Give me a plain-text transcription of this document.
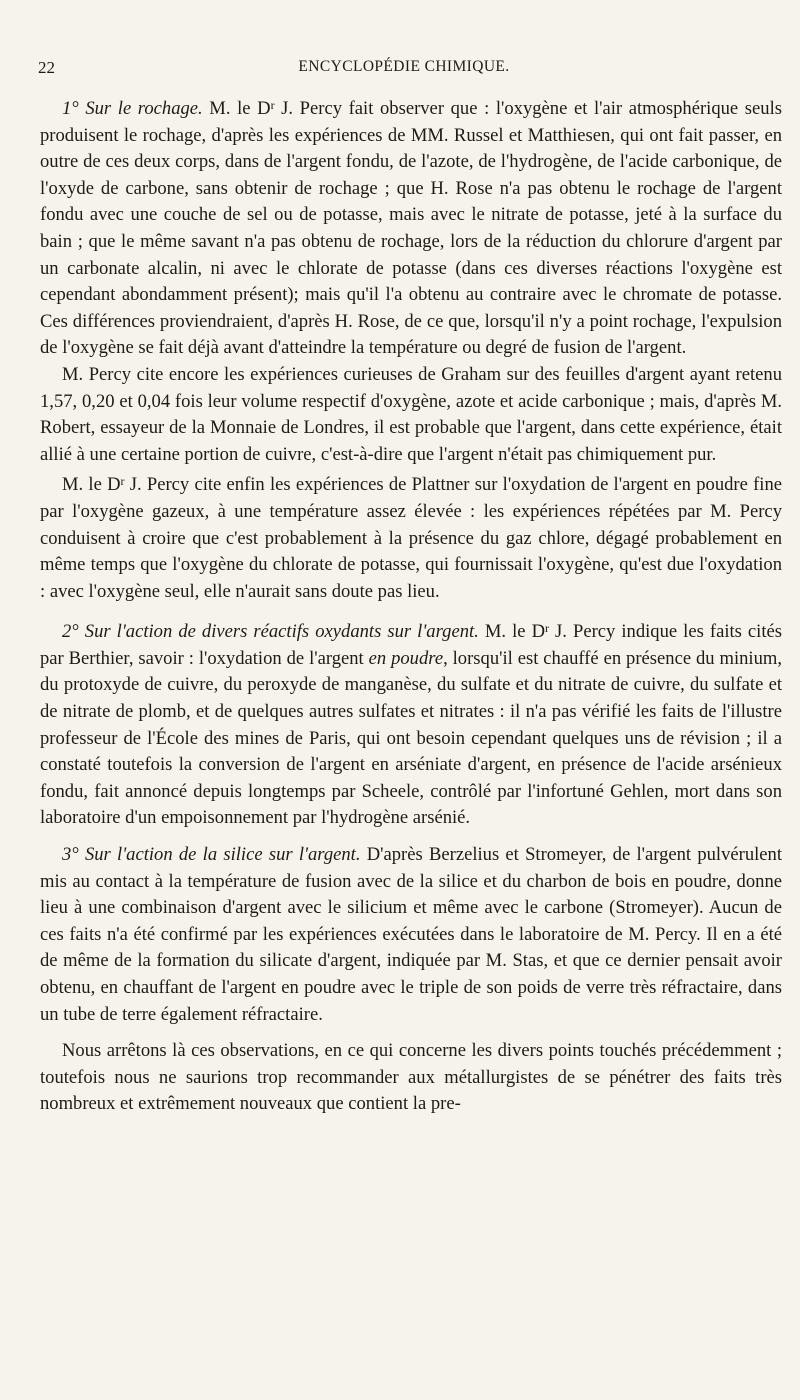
22	ENCYCLOPÉDIE CHIMIQUE.

1° Sur le rochage. M. le $D^r$ J. Percy fait observer que : l'oxygène et l'air atmosphérique seuls produisent le rochage, d'après les expériences de MM. Russel et Matthiesen, qui ont fait passer, en outre de ces deux corps, dans de l'argent fondu, de l'azote, de l'hydrogène, de l'acide carbonique, de l'oxyde de carbone, sans obtenir de rochage ; que H. Rose n'a pas obtenu le rochage de l'argent fondu avec une couche de sel ou de potasse, mais avec le nitrate de potasse, jeté à la surface du bain ; que le même savant n'a pas obtenu de rochage, lors de la réduction du chlorure d'argent par un carbonate alcalin, ni avec le chlorate de potasse (dans ces diverses réactions l'oxygène est cependant abondamment présent); mais qu'il l'a obtenu au contraire avec le chromate de potasse. Ces différences proviendraient, d'après H. Rose, de ce que, lorsqu'il n'y a point rochage, l'expulsion de l'oxygène se fait déjà avant d'atteindre la température ou degré de fusion de l'argent.

M. Percy cite encore les expériences curieuses de Graham sur des feuilles d'argent ayant retenu 1,57, 0,20 et 0,04 fois leur volume respectif d'oxygène, azote et acide carbonique ; mais, d'après M. Robert, essayeur de la Monnaie de Londres, il est probable que l'argent, dans cette expérience, était allié à une certaine portion de cuivre, c'est-à-dire que l'argent n'était pas chimiquement pur.

M. le $D^r$ J. Percy cite enfin les expériences de Plattner sur l'oxydation de l'argent en poudre fine par l'oxygène gazeux, à une température assez élevée : les expériences répétées par M. Percy conduisent à croire que c'est probablement à la présence du gaz chlore, dégagé probablement en même temps que l'oxygène du chlorate de potasse, qui fournissait l'oxygène, qu'est due l'oxydation : avec l'oxygène seul, elle n'aurait sans doute pas lieu.

2° Sur l'action de divers réactifs oxydants sur l'argent. M. le $D^r$ J. Percy indique les faits cités par Berthier, savoir : l'oxydation de l'argent en poudre, lorsqu'il est chauffé en présence du minium, du protoxyde de cuivre, du peroxyde de manganèse, du sulfate et du nitrate de cuivre, du sulfate et de nitrate de plomb, et de quelques autres sulfates et nitrates : il n'a pas vérifié les faits de l'illustre professeur de l'École des mines de Paris, qui ont besoin cependant quelques uns de révision ; il a constaté toutefois la conversion de l'argent en arséniate d'argent, en présence de l'acide arsénieux fondu, fait annoncé depuis longtemps par Scheele, contrôlé par l'infortuné Gehlen, mort dans son laboratoire d'un empoisonnement par l'hydrogène arsénié.

3° Sur l'action de la silice sur l'argent. D'après Berzelius et Stromeyer, de l'argent pulvérulent mis au contact à la température de fusion avec de la silice et du charbon de bois en poudre, donne lieu à une combinaison d'argent avec le silicium et même avec le carbone (Stromeyer). Aucun de ces faits n'a été confirmé par les expériences exécutées dans le laboratoire de M. Percy. Il en a été de même de la formation du silicate d'argent, indiquée par M. Stas, et que ce dernier pensait avoir obtenu, en chauffant de l'argent en poudre avec le triple de son poids de verre très réfractaire, dans un tube de terre également réfractaire.

Nous arrêtons là ces observations, en ce qui concerne les divers points touchés précédemment ; toutefois nous ne saurions trop recommander aux métallurgistes de se pénétrer des faits très nombreux et extrêmement nouveaux que contient la pre-
